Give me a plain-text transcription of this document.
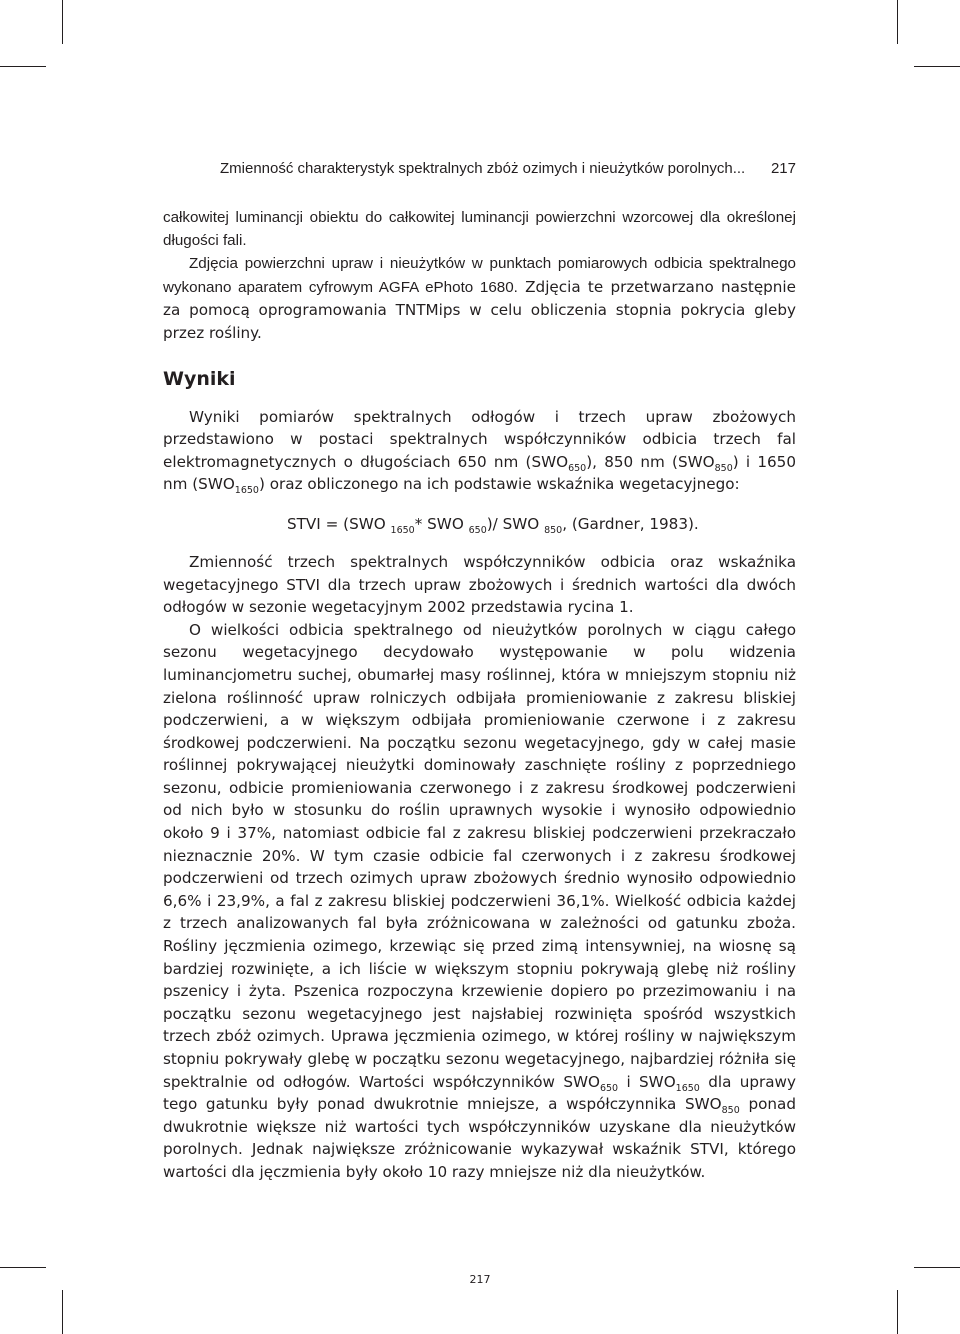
Zmienność charakterystyk spektralnych zbóż ozimych i nieużytków porolnych... 217

całkowitej luminancji obiektu do całkowitej luminancji powierzchni wzorcowej dla określonej długości fali.

Zdjęcia powierzchni upraw i nieużytków w punktach pomiarowych odbicia spektralnego wykonano aparatem cyfrowym AGFA ePhoto 1680. Zdjęcia te przetwarzano następnie za pomocą oprogramowania TNTMips w celu obliczenia stopnia pokrycia gleby przez rośliny.

Wyniki

Wyniki pomiarów spektralnych odłogów i trzech upraw zbożowych przedstawiono w postaci spektralnych współczynników odbicia trzech fal elektromagnetycznych o długościach 650 nm $(SWO_{650})$, 850 nm $(SWO_{850})$ i 1650 nm $(SWO_{1650})$ oraz obliczonego na ich podstawie wskaźnika wegetacyjnego:

STVI = (SWO $_{1650}$* SWO $_{650}$)/ SWO $_{850}$, (Gardner, 1983).

Zmienność trzech spektralnych współczynników odbicia oraz wskaźnika wegetacyjnego STVI dla trzech upraw zbożowych i średnich wartości dla dwóch odłogów w sezonie wegetacyjnym 2002 przedstawia rycina 1.

O wielkości odbicia spektralnego od nieużytków porolnych w ciągu całego sezonu wegetacyjnego decydowało występowanie w polu widzenia luminancjometru suchej, obumarłej masy roślinnej, która w mniejszym stopniu niż zielona roślinność upraw rolniczych odbijała promieniowanie z zakresu bliskiej podczerwieni, a w większym odbijała promieniowanie czerwone i z zakresu środkowej podczerwieni. Na początku sezonu wegetacyjnego, gdy w całej masie roślinnej pokrywającej nieużytki dominowały zaschnięte rośliny z poprzedniego sezonu, odbicie promieniowania czerwonego i z zakresu środkowej podczerwieni od nich było w stosunku do roślin uprawnych wysokie i wynosiło odpowiednio około 9 i 37%, natomiast odbicie fal z zakresu bliskiej podczerwieni przekraczało nieznacznie 20%. W tym czasie odbicie fal czerwonych i z zakresu środkowej podczerwieni od trzech ozimych upraw zbożowych średnio wynosiło odpowiednio 6,6% i 23,9%, a fal z zakresu bliskiej podczerwieni 36,1%. Wielkość odbicia każdej z trzech analizowanych fal była zróżnicowana w zależności od gatunku zboża. Rośliny jęczmienia ozimego, krzewiąc się przed zimą intensywniej, na wiosnę są bardziej rozwinięte, a ich liście w większym stopniu pokrywają glebę niż rośliny pszenicy i żyta. Pszenica rozpoczyna krzewienie dopiero po przezimowaniu i na początku sezonu wegetacyjnego jest najsłabiej rozwinięta spośród wszystkich trzech zbóż ozimych. Uprawa jęczmienia ozimego, w której rośliny w największym stopniu pokrywały glebę w początku sezonu wegetacyjnego, najbardziej różniła się spektralnie od odłogów. Wartości współczynników $SWO_{650}$ i $SWO_{1650}$ dla uprawy tego gatunku były ponad dwukrotnie mniejsze, a współczynnika $SWO_{850}$ ponad dwukrotnie większe niż wartości tych współczynników uzyskane dla nieużytków porolnych. Jednak największe zróżnicowanie wykazywał wskaźnik STVI, którego wartości dla jęczmienia były około 10 razy mniejsze niż dla nieużytków.

217
